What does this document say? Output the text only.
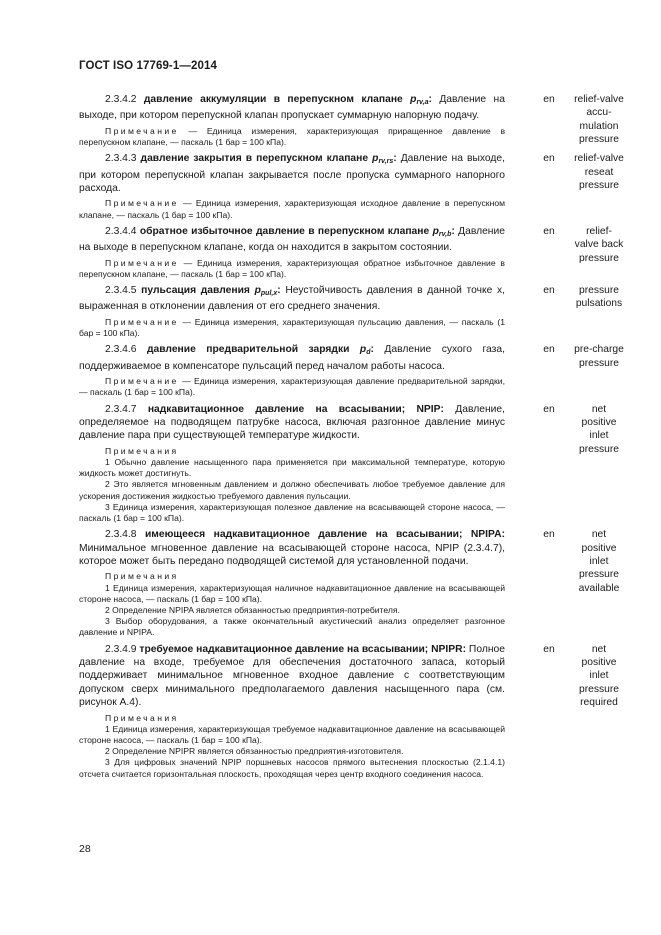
ГОСТ ISO 17769-1—2014

2.3.4.2 давление аккумуляции в перепускном клапане $p_{rv,a}$: Давление на выходе, при котором перепускной клапан пропускает суммарную напорную подачу.

Примечание — Единица измерения, характеризующая приращенное давление в перепускном клапане, — паскаль (1 бар = 100 кПа).

en	relief-valve
accu-
mulation
pressure

2.3.4.3 давление закрытия в перепускном клапане $p_{rv,rs}$: Давление на выходе, при котором перепускной клапан закрывается после пропуска суммарного напорного расхода.

Примечание — Единица измерения, характеризующая исходное давление в перепускном клапане, — паскаль (1 бар = 100 кПа).

en	relief-valve
reseat
pressure

2.3.4.4 обратное избыточное давление в перепускном клапане $p_{rv,b}$: Давление на выходе в перепускном клапане, когда он находится в закрытом состоянии.

Примечание — Единица измерения, характеризующая обратное избыточное давление в перепускном клапане, — паскаль (1 бар = 100 кПа).

en	relief-
valve back
pressure

2.3.4.5 пульсация давления $p_{pul,x}$: Неустойчивость давления в данной точке x, выраженная в отклонении давления от его среднего значения.

Примечание — Единица измерения, характеризующая пульсацию давления, — паскаль (1 бар = 100 кПа).

en	pressure
pulsations

2.3.4.6 давление предварительной зарядки $p_d$: Давление сухого газа, поддерживаемое в компенсаторе пульсаций перед началом работы насоса.

Примечание — Единица измерения, характеризующая давление предварительной зарядки, — паскаль (1 бар = 100 кПа).

en	pre-charge
pressure

2.3.4.7 надкавитационное давление на всасывании; NPIP: Давление, определяемое на подводящем патрубке насоса, включая разгонное давление минус давление пара при существующей температуре жидкости.

Примечания

1 Обычно давление насыщенного пара применяется при максимальной температуре, которую жидкость может достигнуть.

2 Это является мгновенным давлением и должно обеспечивать любое требуемое давление для ускорения достижения жидкостью требуемого давления пульсации.

3 Единица измерения, характеризующая полезное давление на всасывающей стороне насоса, — паскаль (1 бар = 100 кПа).

en	net
positive
inlet
pressure

2.3.4.8 имеющееся надкавитационное давление на всасывании; NPIPA: Минимальное мгновенное давление на всасывающей стороне насоса, NPIP (2.3.4.7), которое может быть передано подводящей системой для установленной подачи.

Примечания

1 Единица измерения, характеризующая наличное надкавитационное давление на всасывающей стороне насоса, — паскаль (1 бар = 100 кПа).

2 Определение NPIPA является обязанностью предприятия-потребителя.

3 Выбор оборудования, а также окончательный акустический анализ определяет разгонное давление и NPIPA.

en	net
positive
inlet
pressure
available

2.3.4.9 требуемое надкавитационное давление на всасывании; NPIPR: Полное давление на входе, требуемое для обеспечения достаточного запаса, который поддерживает минимальное мгновенное входное давление с соответствующим допуском сверх минимального предполагаемого давления насыщенного пара (см. рисунок А.4).

Примечания

1 Единица измерения, характеризующая требуемое надкавитационное давление на всасывающей стороне насоса, — паскаль (1 бар = 100 кПа).

2 Определение NPIPR является обязанностью предприятия-изготовителя.

3 Для цифровых значений NPIP поршневых насосов прямого вытеснения плоскостью (2.1.4.1) отсчета считается горизонтальная плоскость, проходящая через центр входного соединения насоса.

en	net
positive
inlet
pressure
required
28
